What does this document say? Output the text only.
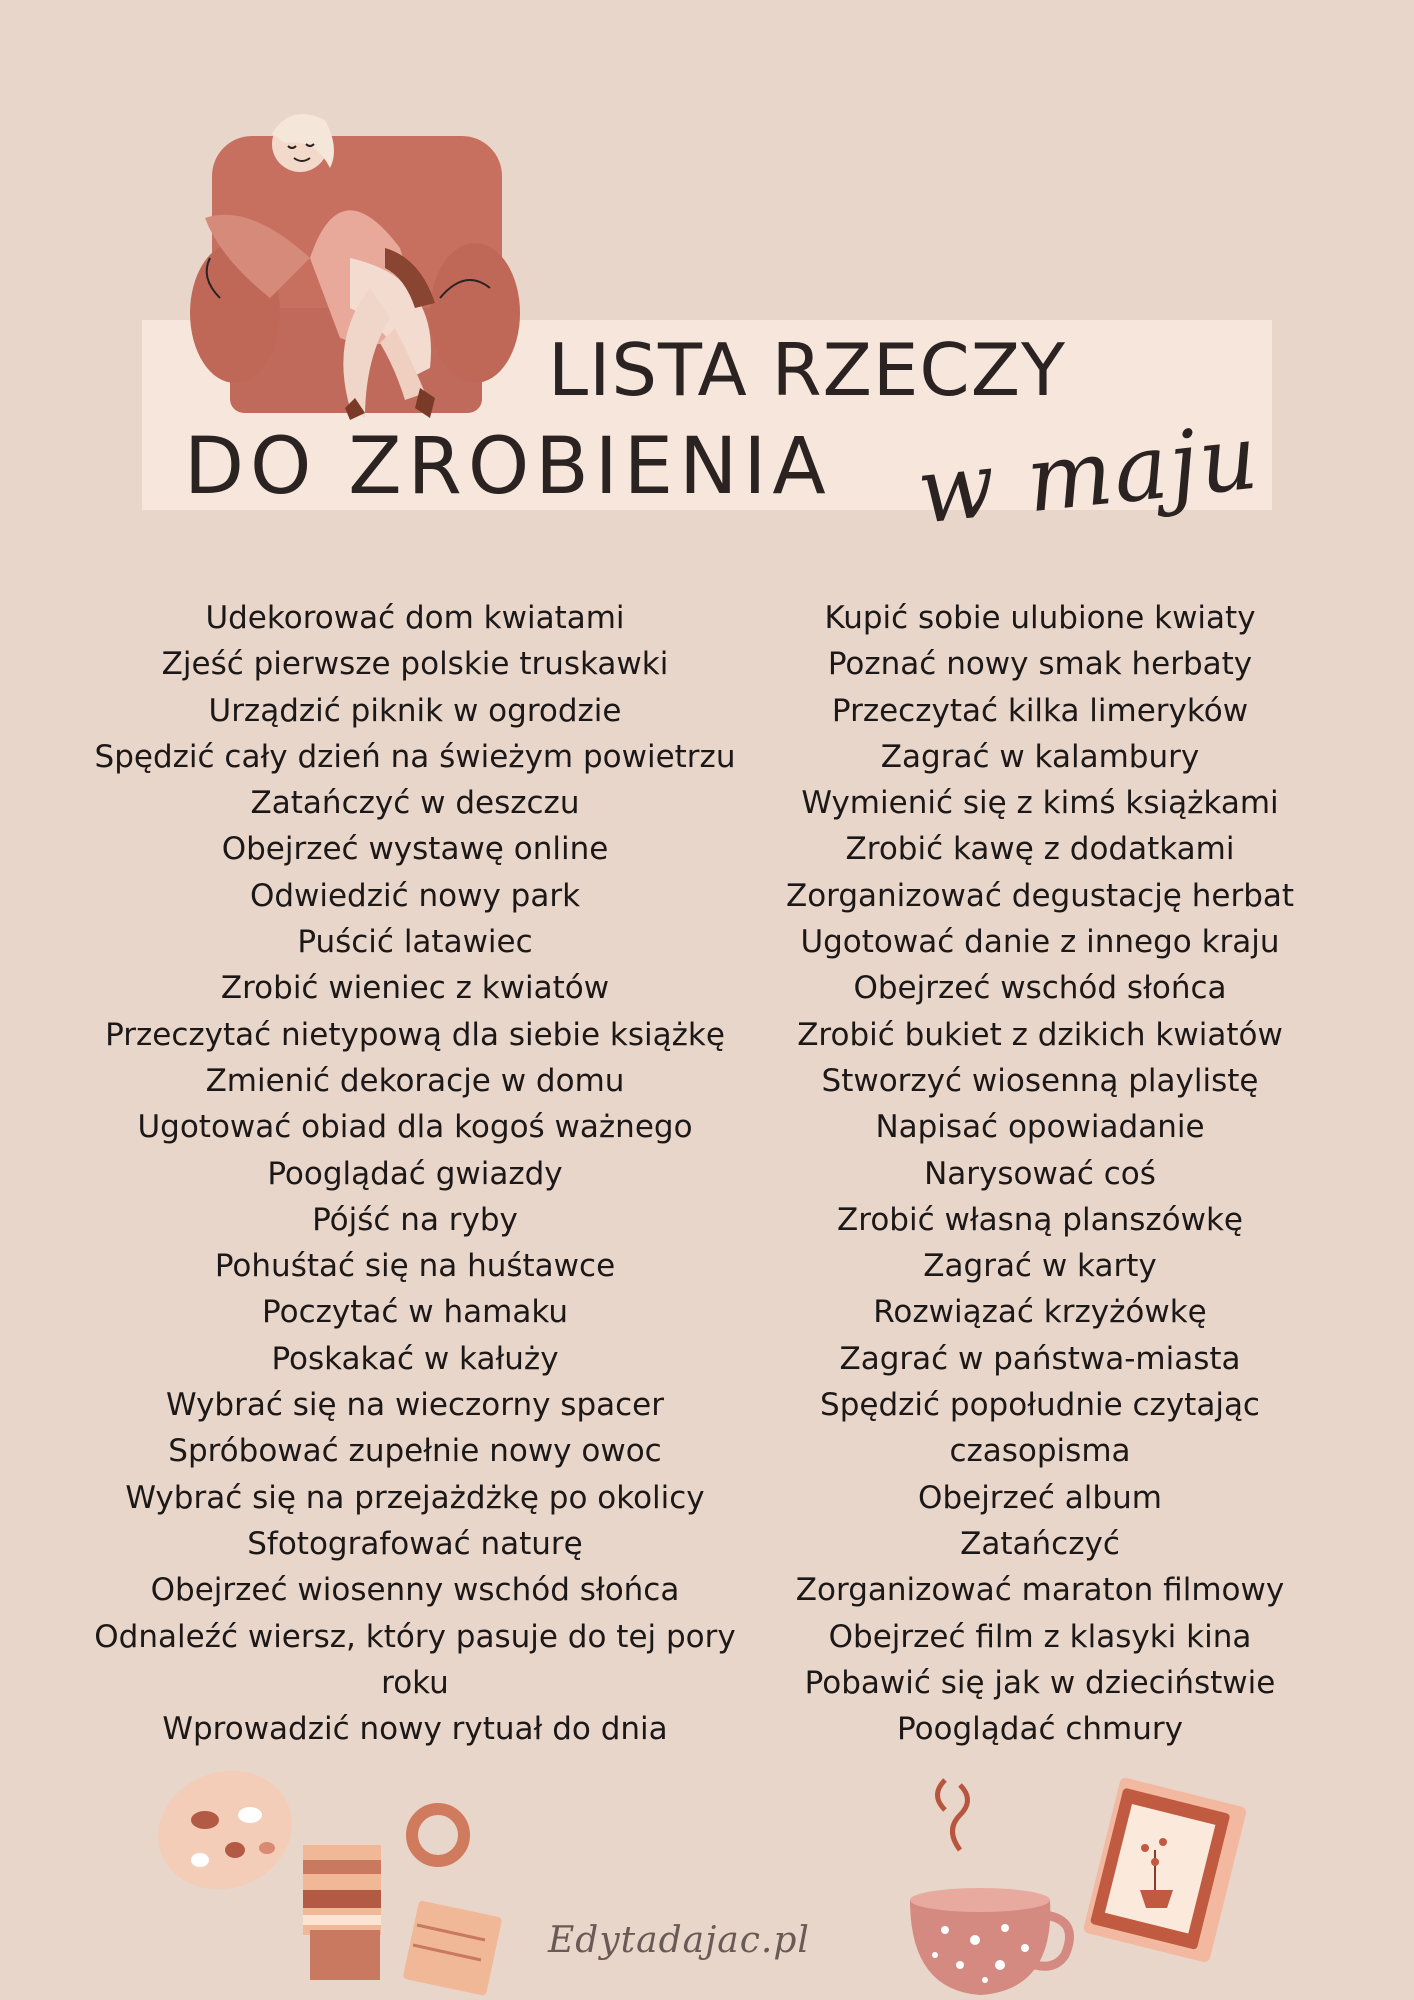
LISTA RZECZY
DO ZROBIENIA w maju
Udekorować dom kwiatami
Zjeść pierwsze polskie truskawki
Urządzić piknik w ogrodzie
Spędzić cały dzień na świeżym powietrzu
Zatańczyć w deszczu
Obejrzeć wystawę online
Odwiedzić nowy park
Puścić latawiec
Zrobić wieniec z kwiatów
Przeczytać nietypową dla siebie książkę
Zmienić dekoracje w domu
Ugotować obiad dla kogoś ważnego
Pooglądać gwiazdy
Pójść na ryby
Pohuśtać się na huśtawce
Poczytać w hamaku
Poskakać w kałuży
Wybrać się na wieczorny spacer
Spróbować zupełnie nowy owoc
Wybrać się na przejażdżkę po okolicy
Sfotografować naturę
Obejrzeć wiosenny wschód słońca
Odnaleźć wiersz, który pasuje do tej pory roku
Wprowadzić nowy rytuał do dnia
Kupić sobie ulubione kwiaty
Poznać nowy smak herbaty
Przeczytać kilka limeryków
Zagrać w kalambury
Wymienić się z kimś książkami
Zrobić kawę z dodatkami
Zorganizować degustację herbat
Ugotować danie z innego kraju
Obejrzeć wschód słońca
Zrobić bukiet z dzikich kwiatów
Stworzyć wiosenną playlistę
Napisać opowiadanie
Narysować coś
Zrobić własną planszówkę
Zagrać w karty
Rozwiązać krzyżówkę
Zagrać w państwa-miasta
Spędzić popołudnie czytając czasopisma
Obejrzeć album
Zatańczyć
Zorganizować maraton filmowy
Obejrzeć film z klasyki kina
Pobawić się jak w dzieciństwie
Pooglądać chmury
Edytadajac.pl
